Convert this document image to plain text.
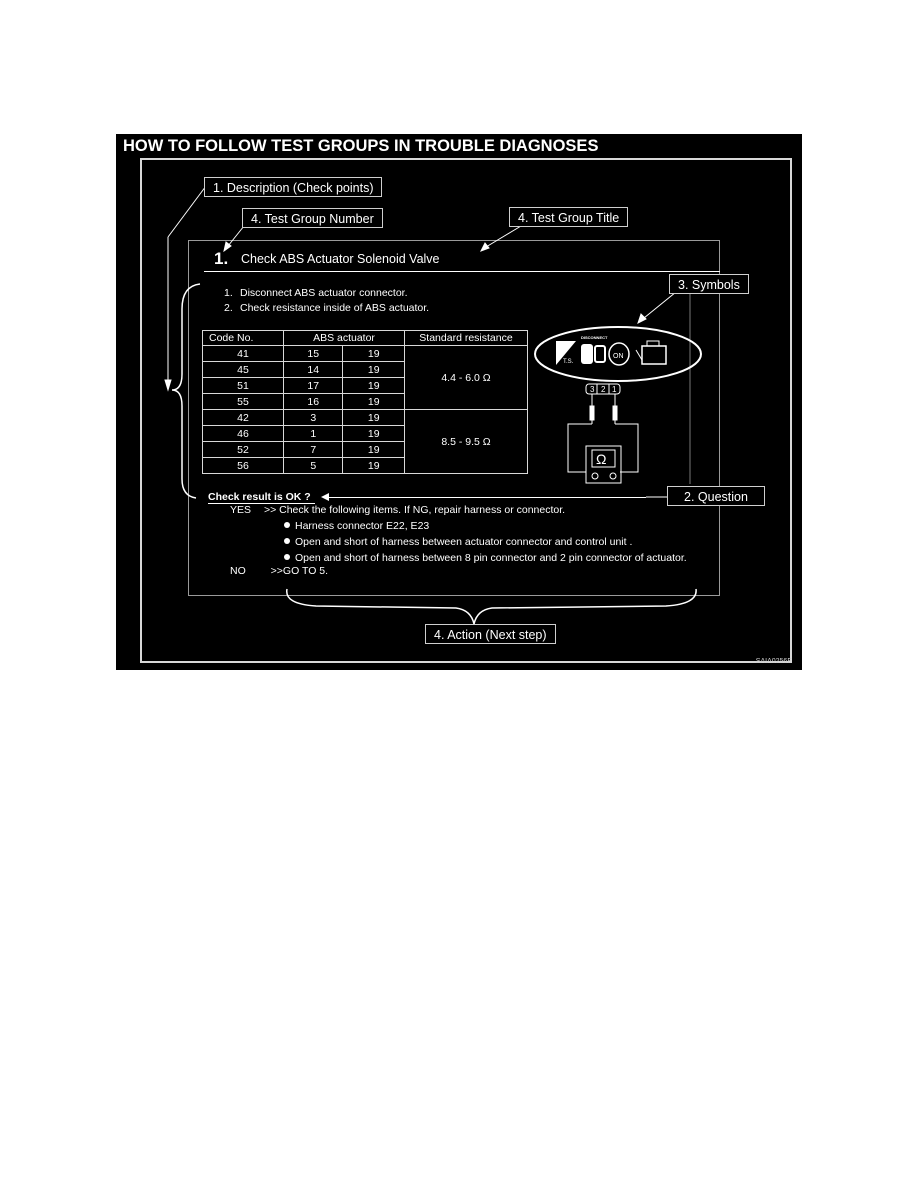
HOW TO FOLLOW TEST GROUPS IN TROUBLE DIAGNOSES
T.S.
DISCONNECT
ON
3 2 1
Ω
1. Description (Check points)
4. Test Group Number	4. Test Group Title
3. Symbols
2. Question
4. Action (Next step)
1. Check ABS Actuator Solenoid Valve
1. Disconnect ABS actuator connector.
2. Check resistance inside of ABS actuator.
Code No.	ABS actuator		Standard resistance
41	15	19	4.4 - 6.0 Ω
45	14	19	
51	17	19	
55	16	19	
42	3	19	8.5 - 9.5 Ω
46	1	19	
52	7	19	
56	5	19	
Check result is OK ?
YES >> Check the following items. If NG, repair harness or connector.
Harness connector E22, E23
Open and short of harness between actuator connector and control unit .
Open and short of harness between 8 pin connector and 2 pin connector of actuator.
NO >>GO TO 5.
SAIA0256E
